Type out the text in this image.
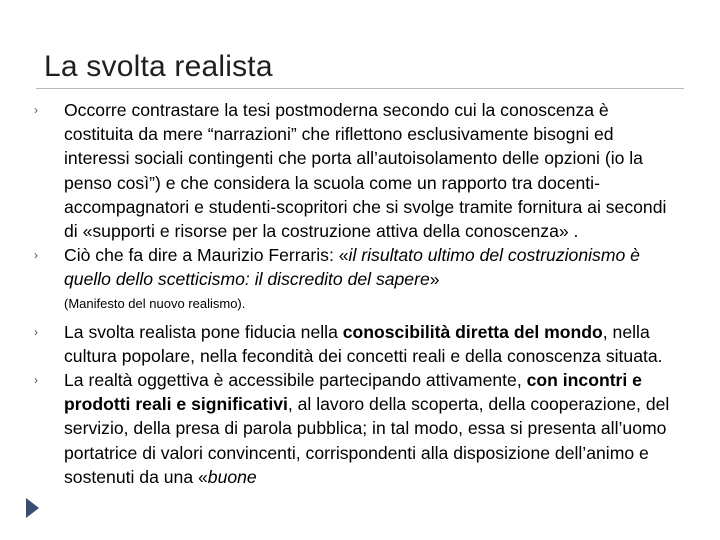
La svolta realista
› Occorre contrastare la tesi postmoderna secondo cui la conoscenza è costituita da mere “narrazioni” che riflettono esclusivamente bisogni ed interessi sociali contingenti che porta all’autoisolamento delle opzioni (io la penso così”) e che considera la scuola come un rapporto tra docenti-accompagnatori e studenti-scopritori che si svolge tramite fornitura ai secondi di «supporti e risorse per la costruzione attiva della conoscenza» .
› Ciò che fa dire a Maurizio Ferraris: «il risultato ultimo del costruzionismo è quello dello scetticismo: il discredito del sapere»
(Manifesto del nuovo realismo).
› La svolta realista pone fiducia nella conoscibilità diretta del mondo, nella cultura popolare, nella fecondità dei concetti reali e della conoscenza situata.
› La realtà oggettiva è accessibile partecipando attivamente, con incontri e prodotti reali e significativi, al lavoro della scoperta, della cooperazione, del servizio, della presa di parola pubblica; in tal modo, essa si presenta all’uomo portatrice di valori convincenti, corrispondenti alla disposizione dell’animo e sostenuti da una «buone
